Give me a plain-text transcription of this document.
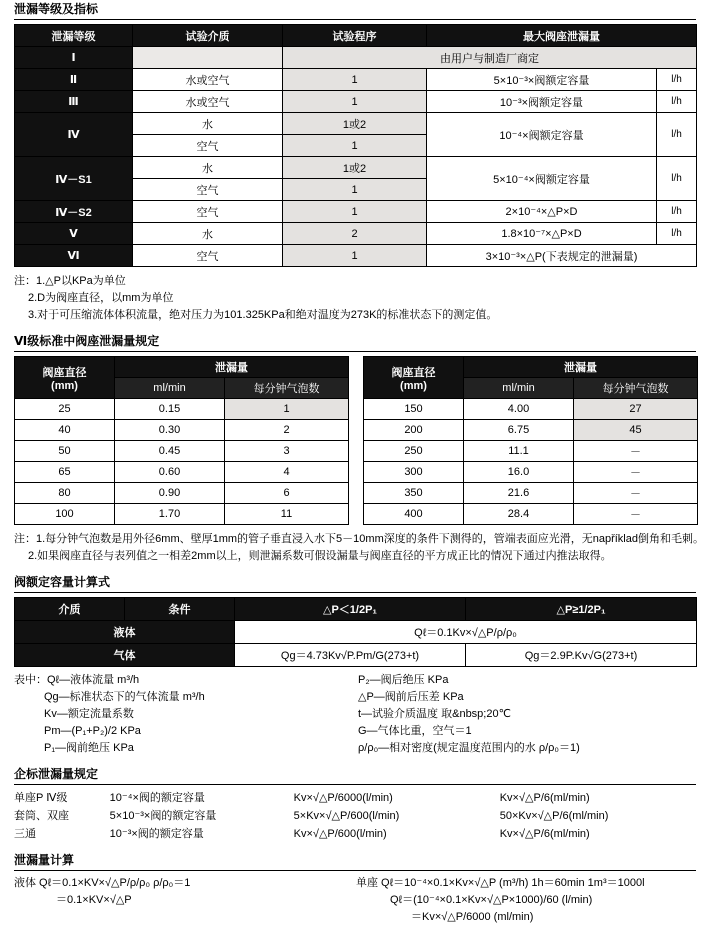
泄漏等级及指标
泄漏等级	试验介质	试验程序	最大阀座泄漏量	
Ⅰ		由用户与制造厂商定		
Ⅱ	水或空气	1	5×10⁻³×阀额定容量	l/h
Ⅲ	水或空气	1	10⁻³×阀额定容量	l/h
Ⅳ	水	1或2	10⁻⁴×阀额定容量	l/h
	空气	1		
Ⅳ－S1	水	1或2	5×10⁻⁴×阀额定容量	l/h
	空气	1		
Ⅳ－S2	空气	1	2×10⁻⁴×△P×D	l/h
Ⅴ	水	2	1.8×10⁻⁷×△P×D	l/h
Ⅵ	空气	1	3×10⁻³×△P(下表规定的泄漏量)	
注：1.△P以KPa为单位
2.D为阀座直径，以mm为单位
3.对于可压缩流体体积流量，绝对压力为101.325KPa和绝对温度为273K的标准状态下的测定值。
Ⅵ级标准中阀座泄漏量规定
阀座直径
(mm)	泄漏量	
	ml/min	每分钟气泡数
25	0.15	1
40	0.30	2
50	0.45	3
65	0.60	4
80	0.90	6
100	1.70	11
阀座直径
(mm)	泄漏量	
	ml/min	每分钟气泡数
150	4.00	27
200	6.75	45
250	11.1	－
300	16.0	－
350	21.6	－
400	28.4	－
注：1.每分钟气泡数是用外径6mm、壁厚1mm的管子垂直浸入水下5－10mm深度的条件下测得的，管端表面应光滑，无například倒角和毛刺。
2.如果阀座直径与表列值之一相差2mm以上，则泄漏系数可假设漏量与阀座直径的平方成正比的情况下通过内推法取得。
阀额定容量计算式
介质	条件	△P＜1/2P₁	△P≥1/2P₁
液体		Qℓ＝0.1Kv×√△P/ρ/ρ₀	
气体		Qg＝4.73Kv√P.Pm/G(273+t)	Qg＝2.9P.Kv√G(273+t)
表中：Qℓ—液体流量 m³/h
Qg—标准状态下的气体流量 m³/h
Kv—额定流量系数
Pm—(P₁+P₂)/2 KPa
P₁—阀前绝压 KPa
P₂—阀后绝压 KPa
△P—阀前后压差 KPa
t—试验介质温度 取&nbsp;20℃
G—气体比重，空气＝1
ρ/ρ₀—相对密度(规定温度范围内的水 ρ/ρ₀＝1)
企标泄漏量规定
单座P Ⅳ级	10⁻⁴×阀的额定容量	Kv×√△P/6000(l/min)	Kv×√△P/6(ml/min)
套筒、双座	5×10⁻³×阀的额定容量	5×Kv×√△P/600(l/min)	50×Kv×√△P/6(ml/min)
三通	10⁻³×阀的额定容量	Kv×√△P/600(l/min)	Kv×√△P/6(ml/min)
泄漏量计算
液体 Qℓ＝0.1×KV×√△P/ρ/ρ₀ ρ/ρ₀＝1	单座 Qℓ＝10⁻⁴×0.1×Kv×√△P (m³/h) 1h＝60min 1m³＝1000l
＝0.1×KV×√△P	Qℓ＝(10⁻⁴×0.1×Kv×√△P×1000)/60 (l/min)
	＝Kv×√△P/6000 (ml/min)
